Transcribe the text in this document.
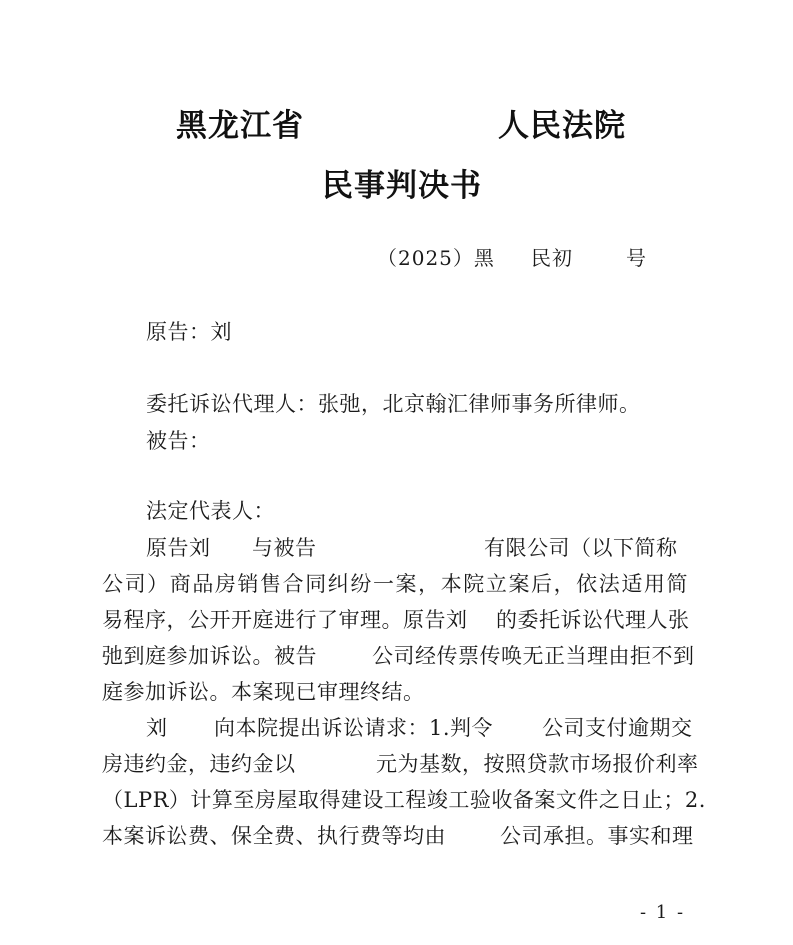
黑龙江省	人民法院
民事判决书
（2025）黑 民初	号
原告：刘
委托诉讼代理人：张弛，北京翰汇律师事务所律师。
被告：
法定代表人：
原告刘 与被告	有限公司（以下简称
公司）商品房销售合同纠纷一案，本院立案后，依法适用简
易程序，公开开庭进行了审理。原告刘 的委托诉讼代理人张
弛到庭参加诉讼。被告	公司经传票传唤无正当理由拒不到
庭参加诉讼。本案现已审理终结。
刘 向本院提出诉讼请求：1.判令 公司支付逾期交
房违约金，违约金以	元为基数，按照贷款市场报价利率
（LPR）计算至房屋取得建设工程竣工验收备案文件之日止；2.
本案诉讼费、保全费、执行费等均由	公司承担。事实和理
- 1 -
